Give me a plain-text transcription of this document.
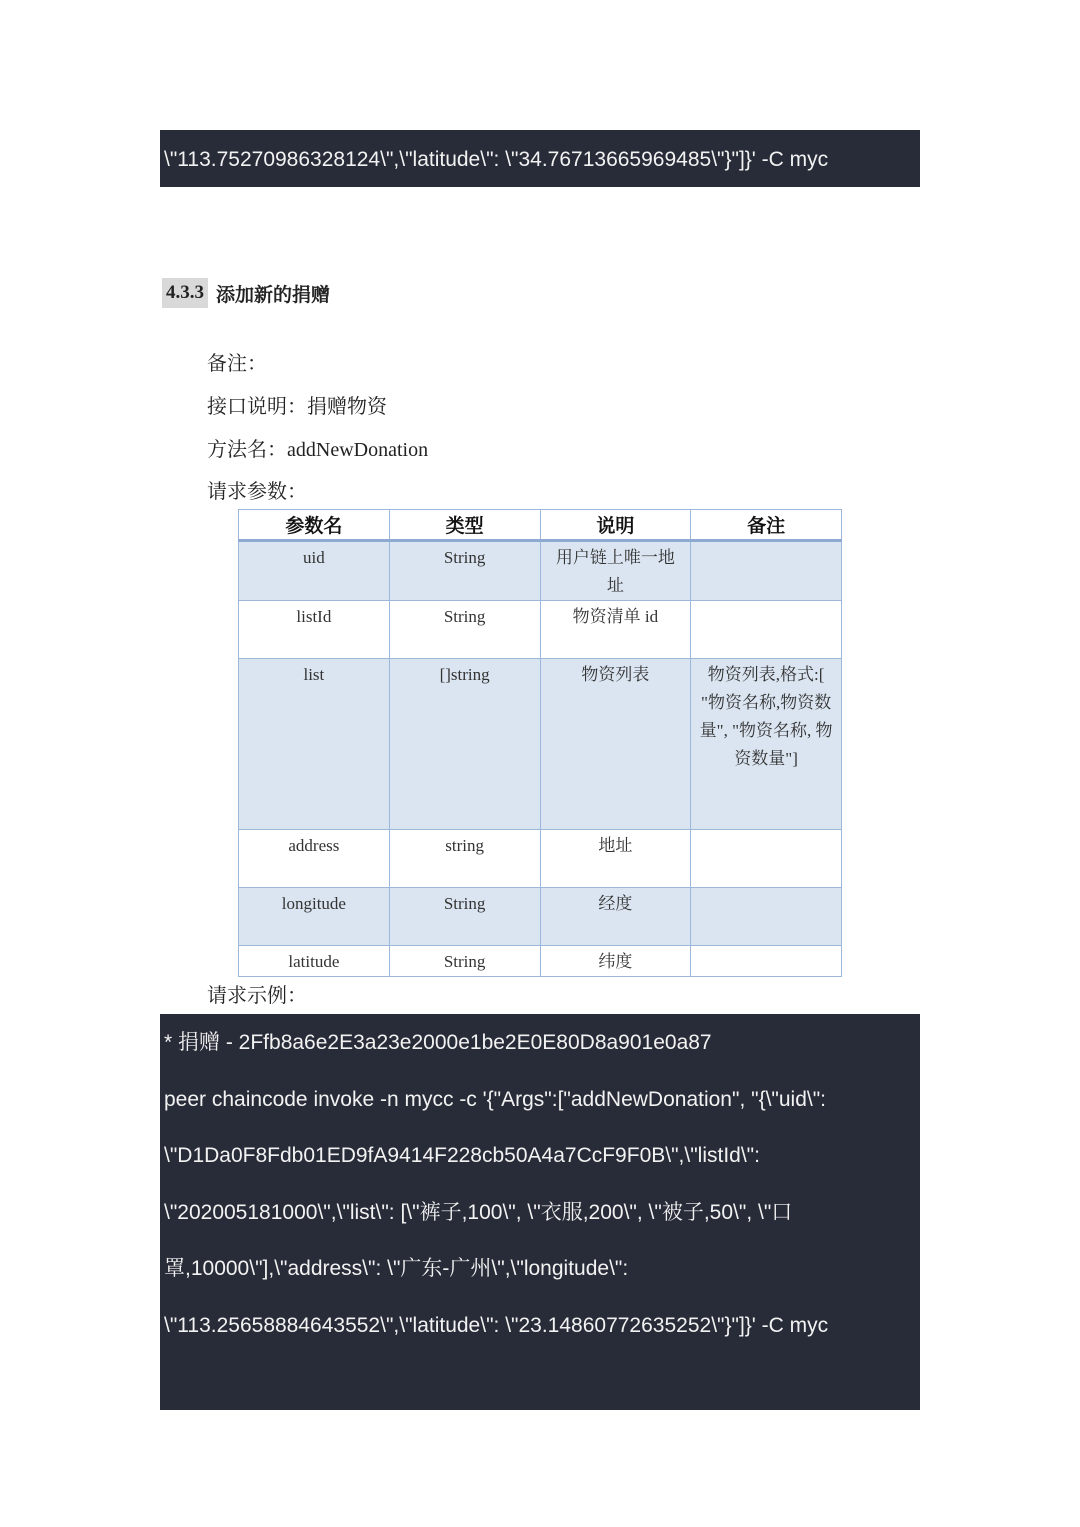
\"113.75270986328124\",\"latitude\": \"34.76713665969485\"}"]}' -C myc
4.3.3 添加新的捐赠
备注：
接口说明：捐赠物资
方法名：addNewDonation
请求参数：
参数名	类型	说明	备注
uid	String	用户链上唯一地址	
listId	String	物资清单 id	
list	[]string	物资列表	物资列表,格式:[ "物资名称,物资数量", "物资名称, 物资数量"]
address	string	地址	
longitude	String	经度	
latitude	String	纬度	
请求示例：
* 捐赠 - 2Ffb8a6e2E3a23e2000e1be2E0E80D8a901e0a87
peer chaincode invoke -n mycc -c '{"Args":["addNewDonation", "{\"uid\":
\"D1Da0F8Fdb01ED9fA9414F228cb50A4a7CcF9F0B\",\"listId\":
\"202005181000\",\"list\": [\"裤子,100\", \"衣服,200\", \"被子,50\", \"口
罩,10000\"],\"address\": \"广东-广州\",\"longitude\":
\"113.25658884643552\",\"latitude\": \"23.14860772635252\"}"]}' -C myc
